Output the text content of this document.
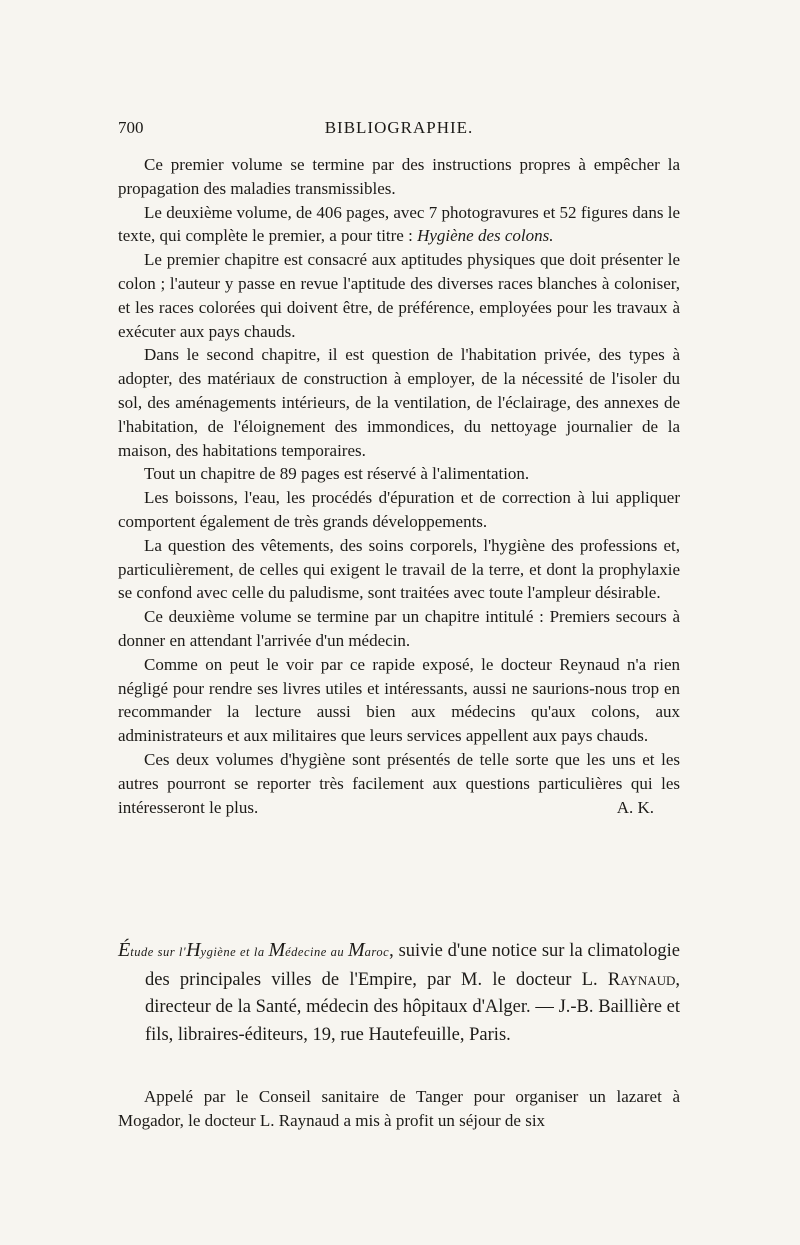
700	BIBLIOGRAPHIE.

Ce premier volume se termine par des instructions propres à empêcher la propagation des maladies transmissibles.

Le deuxième volume, de 406 pages, avec 7 photogravures et 52 figures dans le texte, qui complète le premier, a pour titre : Hygiène des colons.

Le premier chapitre est consacré aux aptitudes physiques que doit présenter le colon ; l'auteur y passe en revue l'aptitude des diverses races blanches à coloniser, et les races colorées qui doivent être, de préférence, employées pour les travaux à exécuter aux pays chauds.

Dans le second chapitre, il est question de l'habitation privée, des types à adopter, des matériaux de construction à employer, de la nécessité de l'isoler du sol, des aménagements intérieurs, de la ventilation, de l'éclairage, des annexes de l'habitation, de l'éloignement des immondices, du nettoyage journalier de la maison, des habitations temporaires.

Tout un chapitre de 89 pages est réservé à l'alimentation.

Les boissons, l'eau, les procédés d'épuration et de correction à lui appliquer comportent également de très grands développements.

La question des vêtements, des soins corporels, l'hygiène des professions et, particulièrement, de celles qui exigent le travail de la terre, et dont la prophylaxie se confond avec celle du paludisme, sont traitées avec toute l'ampleur désirable.

Ce deuxième volume se termine par un chapitre intitulé : Premiers secours à donner en attendant l'arrivée d'un médecin.

Comme on peut le voir par ce rapide exposé, le docteur Reynaud n'a rien négligé pour rendre ses livres utiles et intéressants, aussi ne saurions-nous trop en recommander la lecture aussi bien aux médecins qu'aux colons, aux administrateurs et aux militaires que leurs services appellent aux pays chauds.

Ces deux volumes d'hygiène sont présentés de telle sorte que les uns et les autres pourront se reporter très facilement aux questions particulières qui les intéresseront le plus.	A. K.

Étude sur l'Hygiène et la Médecine au Maroc, suivie d'une notice sur la climatologie des principales villes de l'Empire, par M. le docteur L. Raynaud, directeur de la Santé, médecin des hôpitaux d'Alger. — J.-B. Baillière et fils, libraires-éditeurs, 19, rue Hautefeuille, Paris.

Appelé par le Conseil sanitaire de Tanger pour organiser un lazaret à Mogador, le docteur L. Raynaud a mis à profit un séjour de six
